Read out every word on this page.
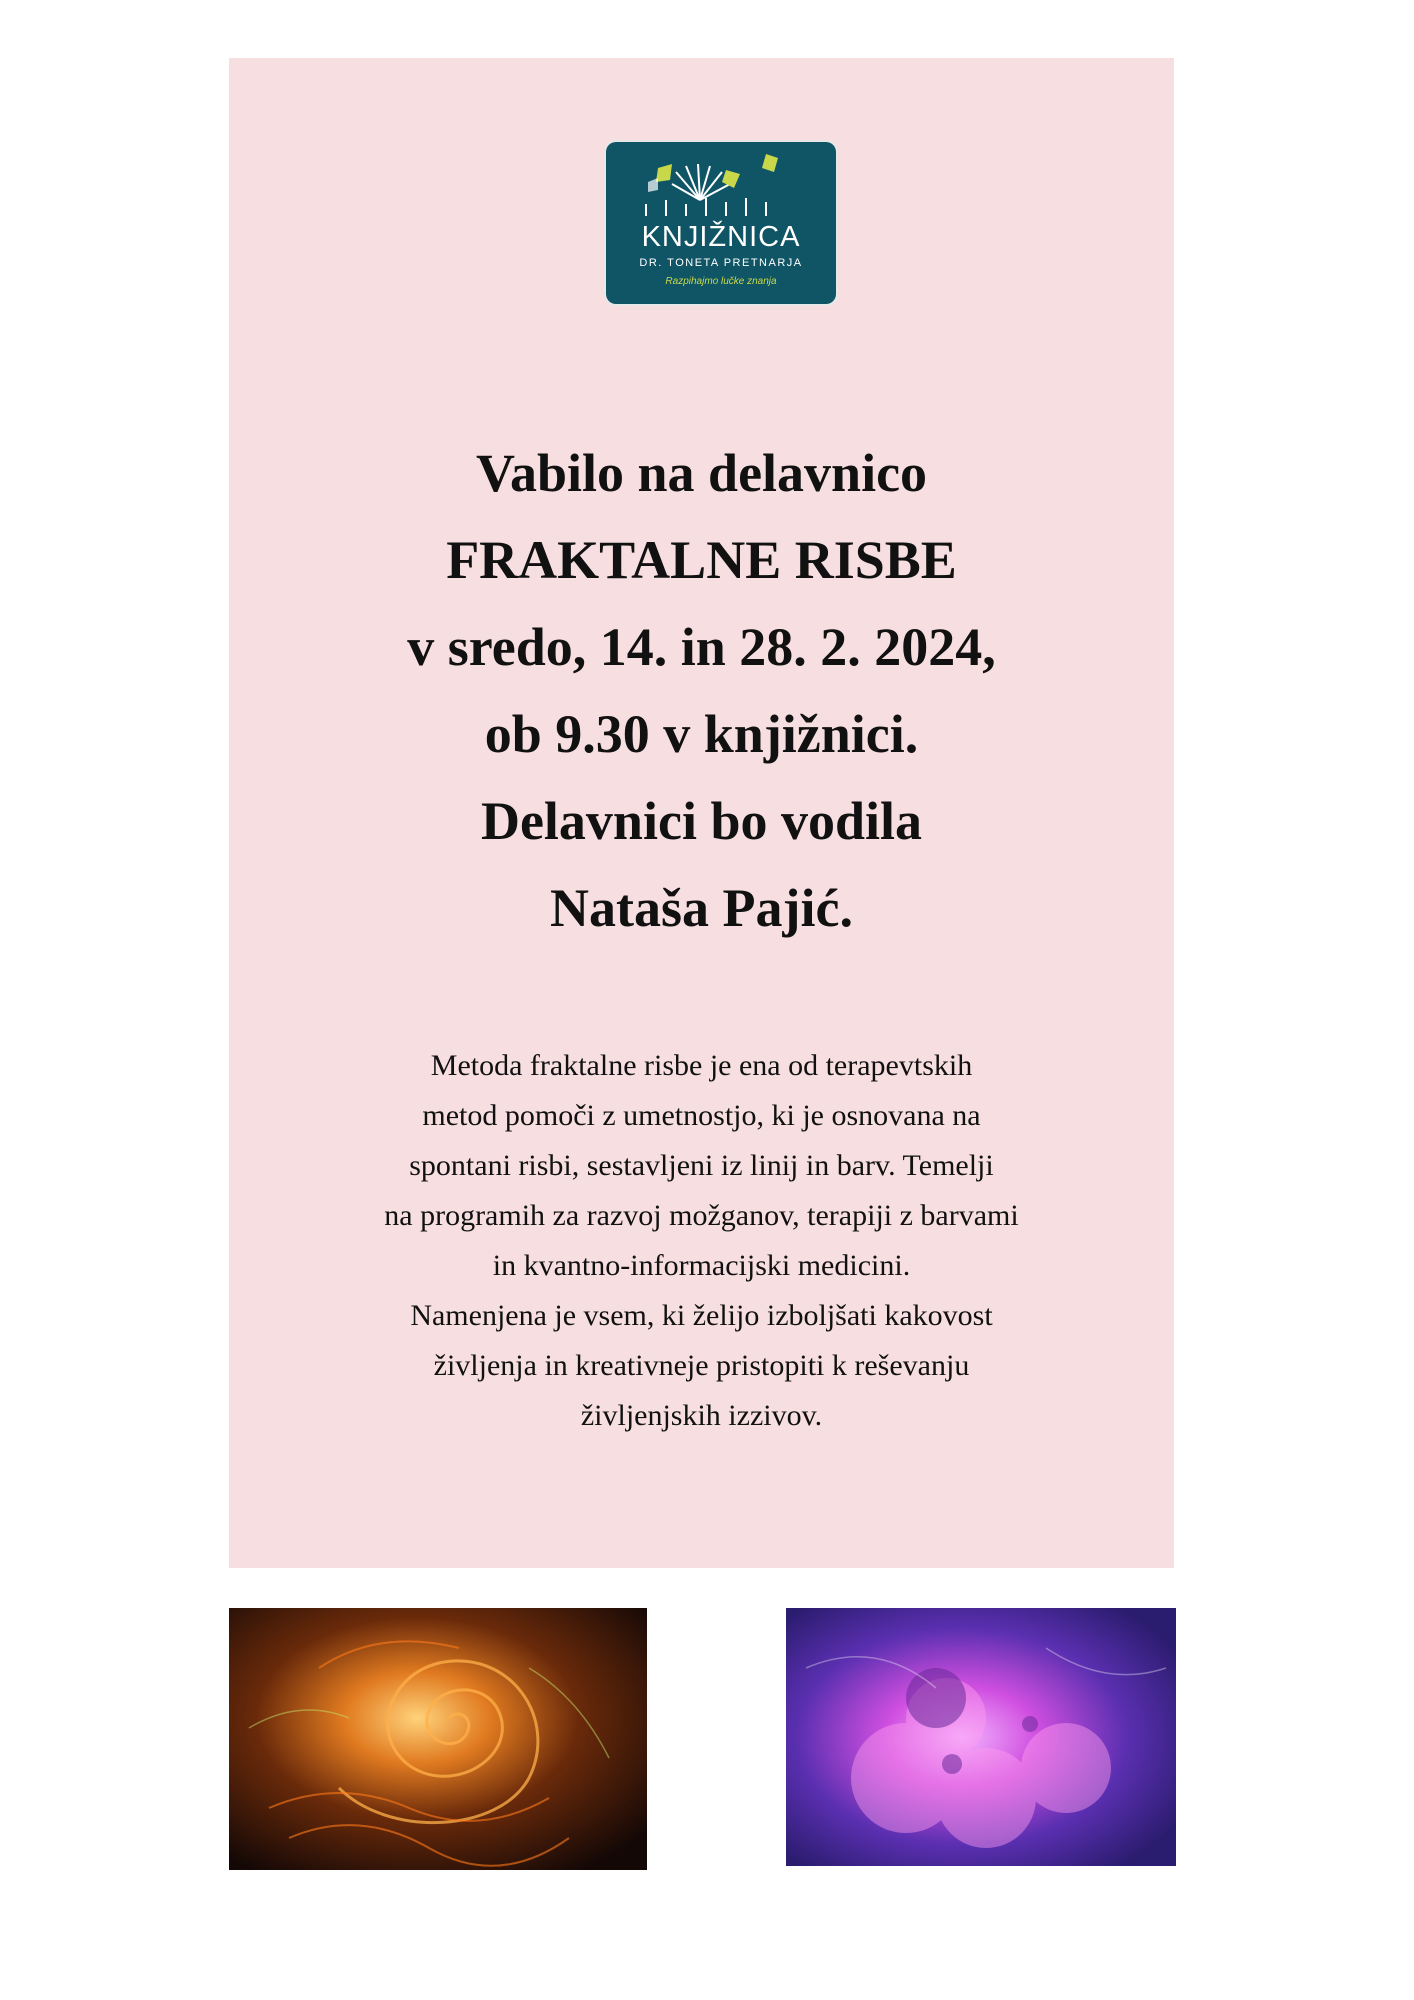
KNJIŽNICA
DR. TONETA PRETNARJA
Razpihajmo lučke znanja
Vabilo na delavnico
FRAKTALNE RISBE
v sredo, 14. in 28. 2. 2024,
ob 9.30 v knjižnici.
Delavnici bo vodila
Nataša Pajić.

Metoda fraktalne risbe je ena od terapevtskih
metod pomoči z umetnostjo, ki je osnovana na
spontani risbi, sestavljeni iz linij in barv. Temelji
na programih za razvoj možganov, terapiji z barvami
in kvantno-informacijski medicini.
Namenjena je vsem, ki želijo izboljšati kakovost
življenja in kreativneje pristopiti k reševanju
življenjskih izzivov.
